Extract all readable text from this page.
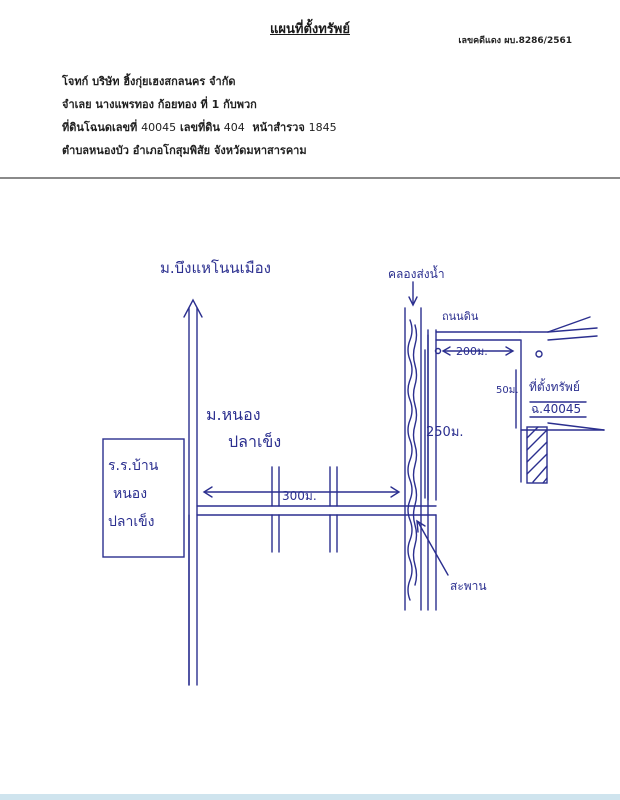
แผนที่ตั้งทรัพย์
เลขคดีแดง ผบ.8286/2561
โจทก์ บริษัท ฮิ้งกุ่ยเฮงสกลนคร จำกัด
จำเลย นางแพรทอง ก้อยทอง ที่ 1 กับพวก
ที่ดินโฉนดเลขที่ 40045 เลขที่ดิน 404 หน้าสำรวจ 1845
ตำบลหนองบัว อำเภอโกสุมพิสัย จังหวัดมหาสารคาม
ม.บึงแหโนนเมือง	คลองส่งน้ำ
ถนนดิน
ม.หนอง
ปลาเข็ง
ร.ร.บ้าน
หนอง
ปลาเข็ง
300ม.
250ม.
200ม.
50ม. ที่ตั้งทรัพย์
ฉ.40045
สะพาน
